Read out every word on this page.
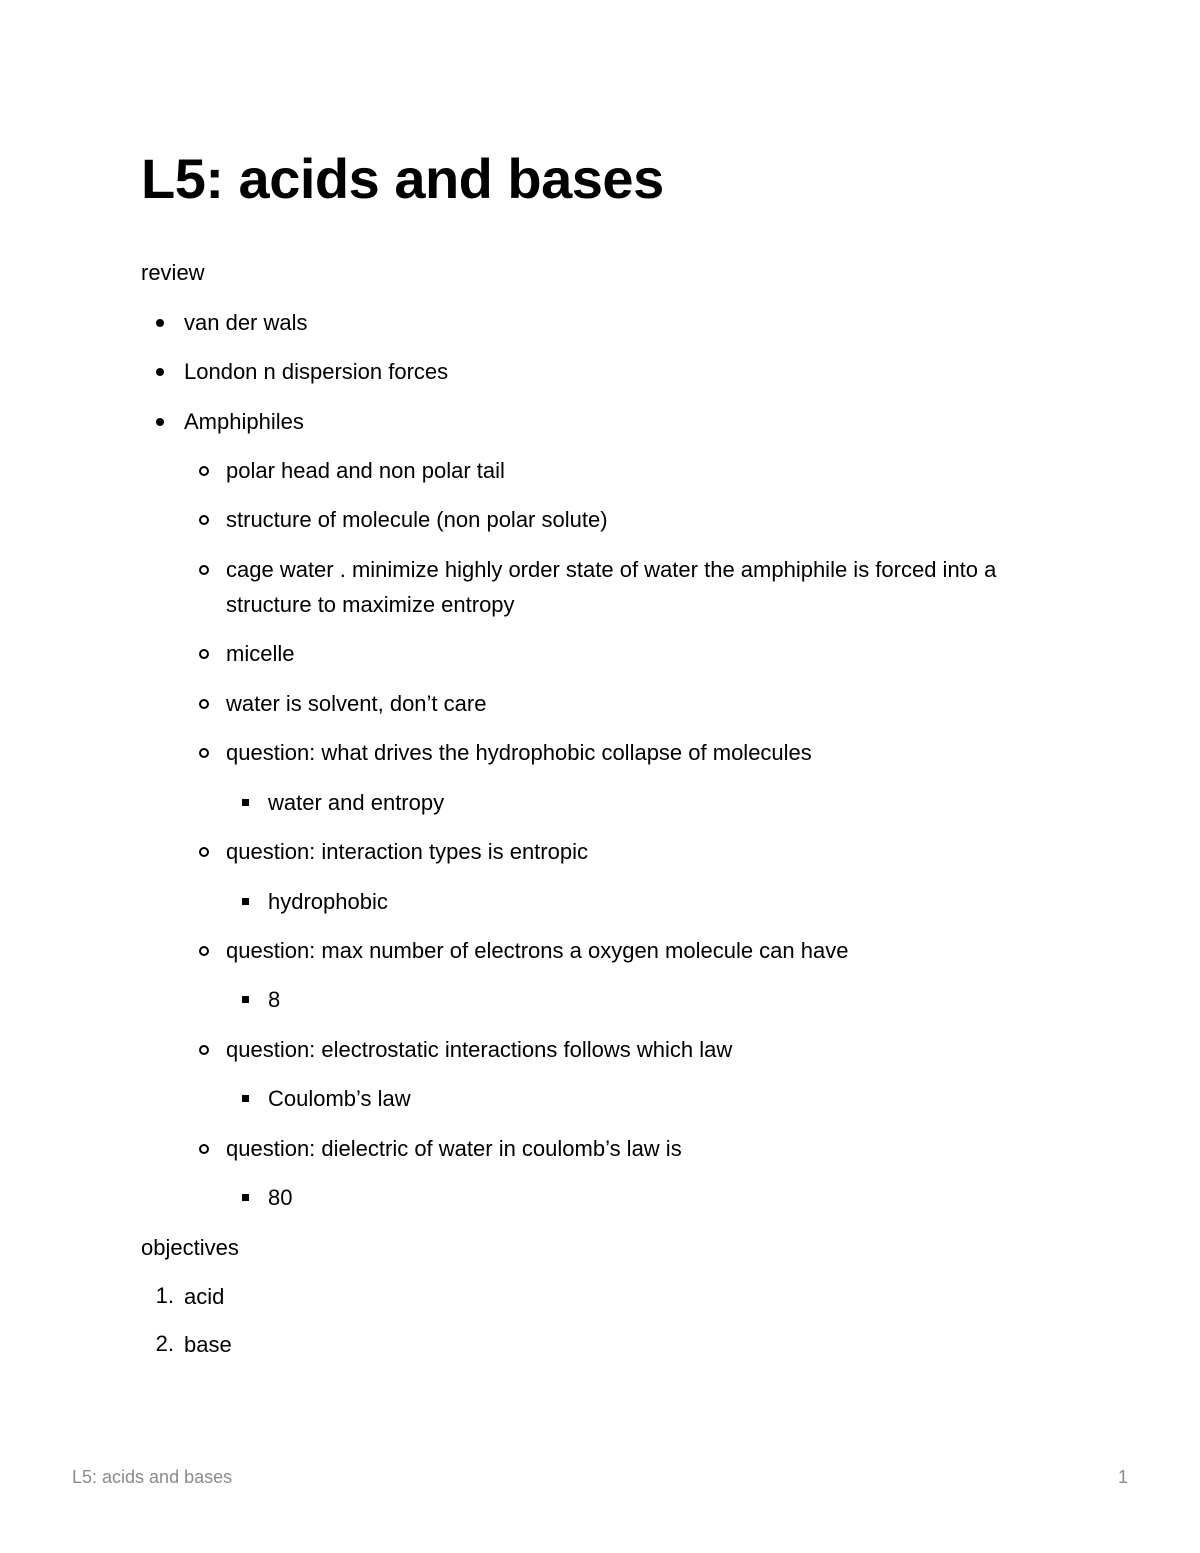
L5: acids and bases

review

van der wals
London n dispersion forces
Amphiphiles
polar head and non polar tail
structure of molecule (non polar solute)
cage water . minimize highly order state of water the amphiphile is forced into a structure to maximize entropy
micelle
water is solvent, don’t care
question: what drives the hydrophobic collapse of molecules
water and entropy
question: interaction types is entropic
hydrophobic
question: max number of electrons a oxygen molecule can have
8
question: electrostatic interactions follows which law
Coulomb’s law
question: dielectric of water in coulomb’s law is
80

objectives

1. acid
2. base
L5: acids and bases	1
